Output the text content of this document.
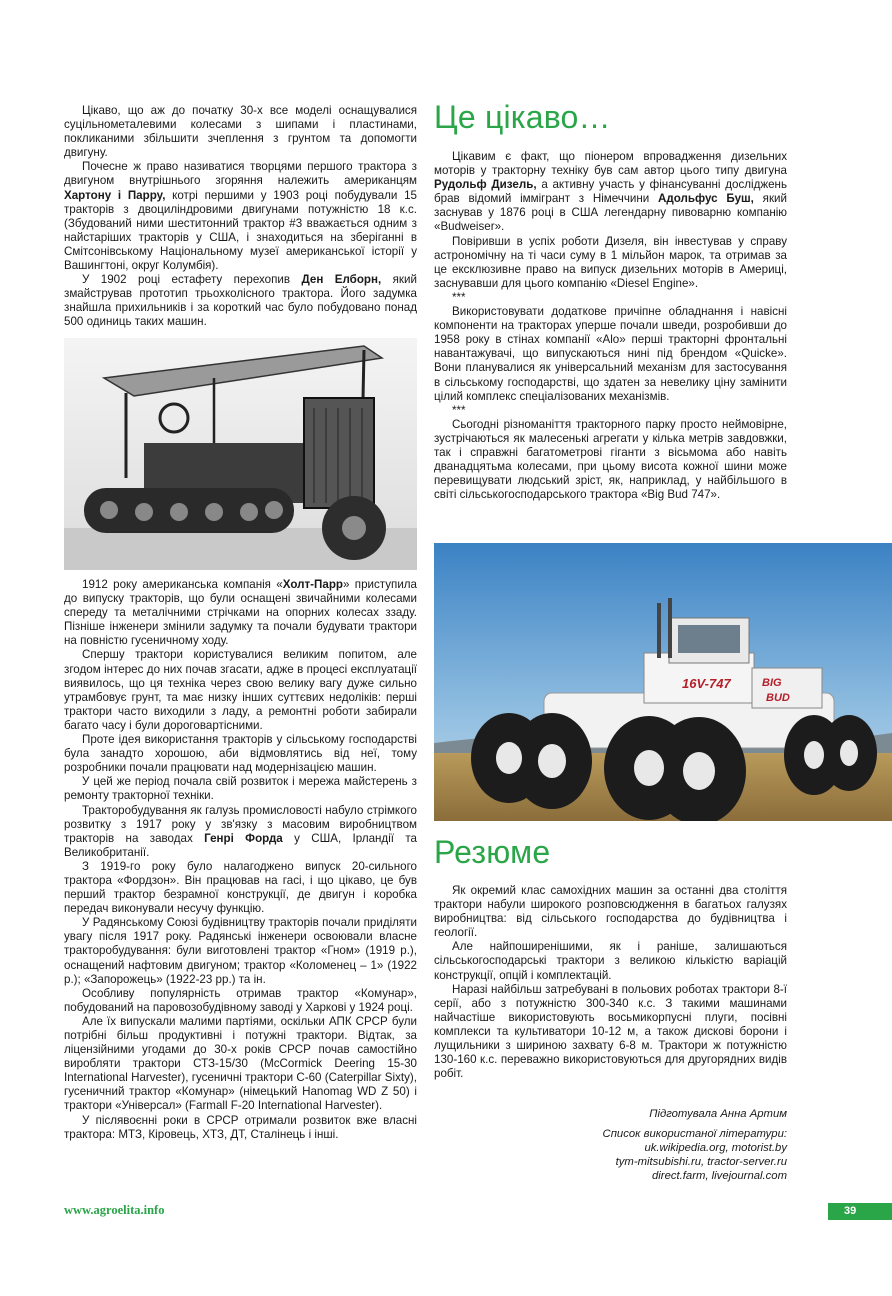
Цікаво, що аж до початку 30-х все моделі оснащувалися суцільнометалевими колесами з шипами і пластинами, покликаними збільшити зчеплення з грунтом та допомогти двигуну.

Почесне ж право називатися творцями першого трактора з двигуном внутрішнього згоряння належить американцям Хартону і Парру, котрі першими у 1903 році побудували 15 тракторів з двоциліндровими двигунами потужністю 18 к.с. (Збудований ними шеститонний трактор #3 вважається одним з найстаріших тракторів у США, і знаходиться на зберіганні в Смітсонівському Національному музеї американської історії у Вашингтоні, округ Колумбія).

У 1902 році естафету перехопив Ден Елборн, який змайстрував прототип трьохколісного трактора. Його задумка знайшла прихильників і за короткий час було побудовано понад 500 одиниць таких машин.

1912 року американська компанія «Холт-Парр» приступила до випуску тракторів, що були оснащені звичайними колесами спереду та металічними стрічками на опорних колесах ззаду. Пізніше інженери змінили задумку та почали будувати трактори на повністю гусеничному ходу.

Спершу трактори користувалися великим попитом, але згодом інтерес до них почав згасати, адже в процесі експлуатації виявилось, що ця техніка через свою велику вагу дуже сильно утрамбовує грунт, та має низку інших суттєвих недоліків: перші трактори часто виходили з ладу, а ремонтні роботи забирали багато часу і були дороговартісними.

Проте ідея використання тракторів у сільському господарстві була занадто хорошою, аби відмовлятись від неї, тому розробники почали працювати над модернізацією машин.

У цей же період почала свій розвиток і мережа майстерень з ремонту тракторної техніки.

Тракторобудування як галузь промисловості набуло стрімкого розвитку з 1917 року у зв'язку з масовим виробництвом тракторів на заводах Генрі Форда у США, Ірландії та Великобританії.

З 1919-го року було налагоджено випуск 20-сильного трактора «Фордзон». Він працював на гасі, і що цікаво, це був перший трактор безрамної конструкції, де двигун і коробка передач виконували несучу функцію.

У Радянському Союзі будівництву тракторів почали приділяти увагу після 1917 року. Радянські інженери освоювали власне тракторобудування: були виготовлені трактор «Гном» (1919 р.), оснащений нафтовим двигуном; трактор «Коломенец – 1» (1922 р.); «Запорожець» (1922-23 рр.) та ін.

Особливу популярність отримав трактор «Комунар», побудований на паровозобудівному заводі у Харкові у 1924 році.

Але їх випускали малими партіями, оскільки АПК СРСР були потрібні більш продуктивні і потужні трактори. Відтак, за ліцензійними угодами до 30-х років СРСР почав самостійно виробляти трактори СТЗ-15/30 (McCormick Deering 15-30 International Harvester), гусеничні трактори С-60 (Caterpillar Sixty), гусеничний трактор «Комунар» (німецький Hanomag WD Z 50) і трактори «Універсал» (Farmall F-20 International Harvester).

У післявоєнні роки в СРСР отримали розвиток вже власні трактора: МТЗ, Кіровець, ХТЗ, ДТ, Сталінець і інші.

Це цікаво…

Цікавим є факт, що піонером впровадження дизельних моторів у тракторну техніку був сам автор цього типу двигуна Рудольф Дизель, а активну участь у фінансуванні досліджень брав відомий іммігрант з Німеччини Адольфус Буш, який заснував у 1876 році в США легендарну пивоварню компанію «Budweiser».

Повіривши в успіх роботи Дизеля, він інвестував у справу астрономічну на ті часи суму в 1 мільйон марок, та отримав за це ексклюзивне право на випуск дизельних моторів в Америці, заснувавши для цього компанію «Diesel Engine».

***

Використовувати додаткове причіпне обладнання і навісні компоненти на тракторах уперше почали шведи, розробивши до 1958 року в стінах компанії «Alo» перші тракторні фронтальні навантажувачі, що випускаються нині під брендом «Quicke». Вони планувалися як універсальний механізм для застосування в сільському господарстві, що здатен за невелику ціну замінити цілий комплекс спеціалізованих механізмів.

***

Сьогодні різноманіття тракторного парку просто неймовірне, зустрічаються як малесенькі агрегати у кілька метрів завдовжки, так і справжні багатометрові гіганти з вісьмома або навіть дванадцятьма колесами, при цьому висота кожної шини може перевищувати людський зріст, як, наприклад, у найбільшого в світі сільськогосподарського трактора «Big Bud 747».

16V-747	BIG
BUD
Резюме

Як окремий клас самохідних машин за останні два століття трактори набули широкого розповсюдження в багатьох галузях виробництва: від сільського господарства до будівництва і геології.

Але найпоширенішими, як і раніше, залишаються сільськогосподарські трактори з великою кількістю варіацій конструкції, опцій і комплектацій.

Наразі найбільш затребувані в польових роботах трактори 8-ї серії, або з потужністю 300-340 к.с. З такими машинами найчастіше використовують восьмикорпусні плуги, посівні комплекси та культиватори 10-12 м, а також дискові борони і лущильники з шириною захвату 6-8 м. Трактори ж потужністю 130-160 к.с. переважно використовуються для другорядних видів робіт.

Підготувала Анна Артим

Список використаної літератури:

uk.wikipedia.org, motorist.by

tym-mitsubishi.ru, tractor-server.ru

direct.farm, livejournal.com

www.agroelita.info	39
